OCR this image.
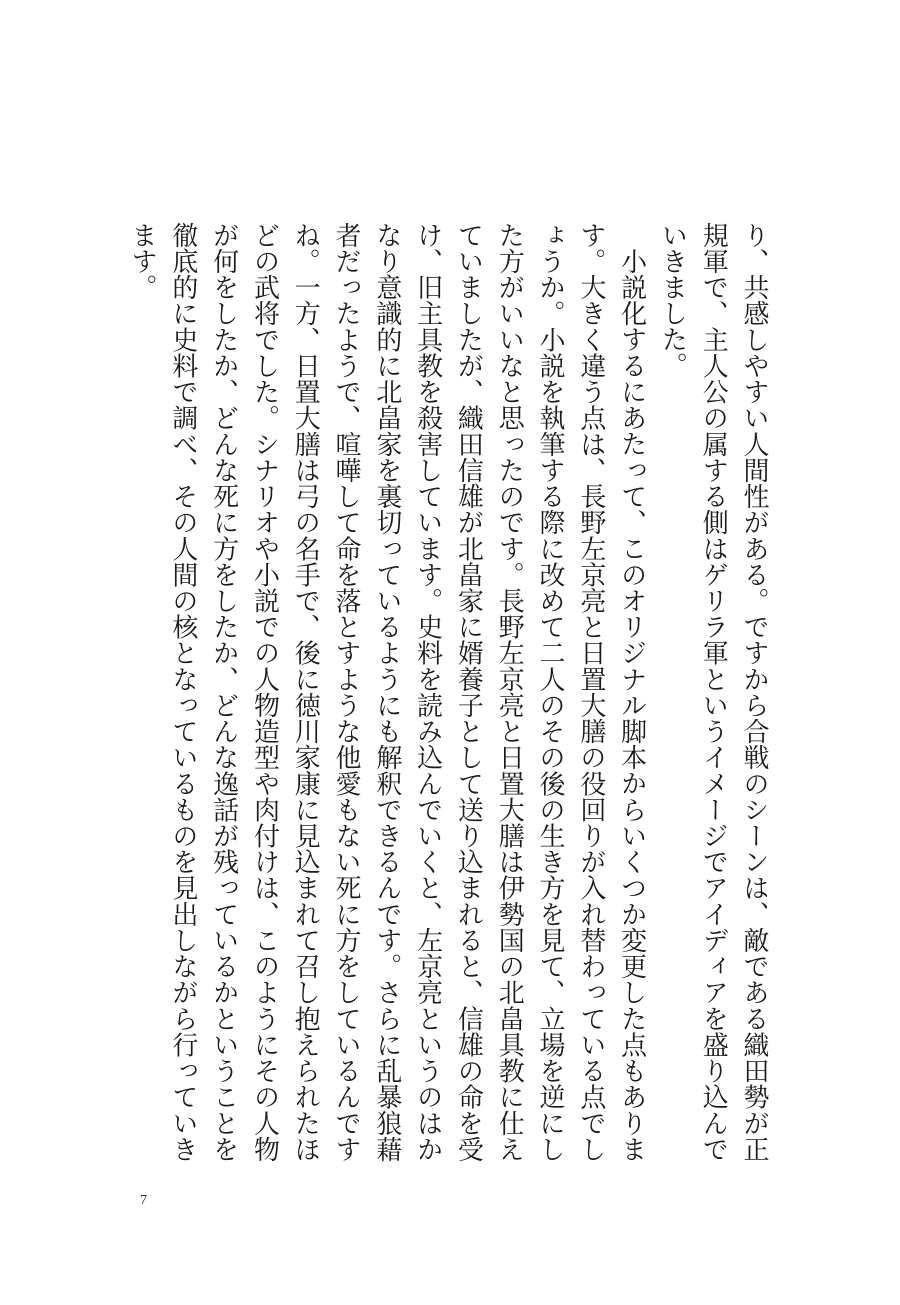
り、共感しやすい人間性がある。ですから合戦のシーンは、敵である織田勢が正規軍で、主人公の属する側はゲリラ軍というイメージでアイディアを盛り込んでいきました。

小説化するにあたって、このオリジナル脚本からいくつか変更した点もあります。大きく違う点は、長野左京亮と日置大膳の役回りが入れ替わっている点でしょうか。小説を執筆する際に改めて二人のその後の生き方を見て、立場を逆にした方がいいなと思ったのです。長野左京亮と日置大膳は伊勢国の北畠具教に仕えていましたが、織田信雄が北畠家に婿養子として送り込まれると、信雄の命を受け、旧主具教を殺害しています。史料を読み込んでいくと、左京亮というのはかなり意識的に北畠家を裏切っているようにも解釈できるんです。さらに乱暴狼藉者だったようで、喧嘩して命を落とすような他愛もない死に方をしているんですね。一方、日置大膳は弓の名手で、後に徳川家康に見込まれて召し抱えられたほどの武将でした。シナリオや小説での人物造型や肉付けは、このようにその人物が何をしたか、どんな死に方をしたか、どんな逸話が残っているかということを徹底的に史料で調べ、その人間の核となっているものを見出しながら行っていきます。

7
